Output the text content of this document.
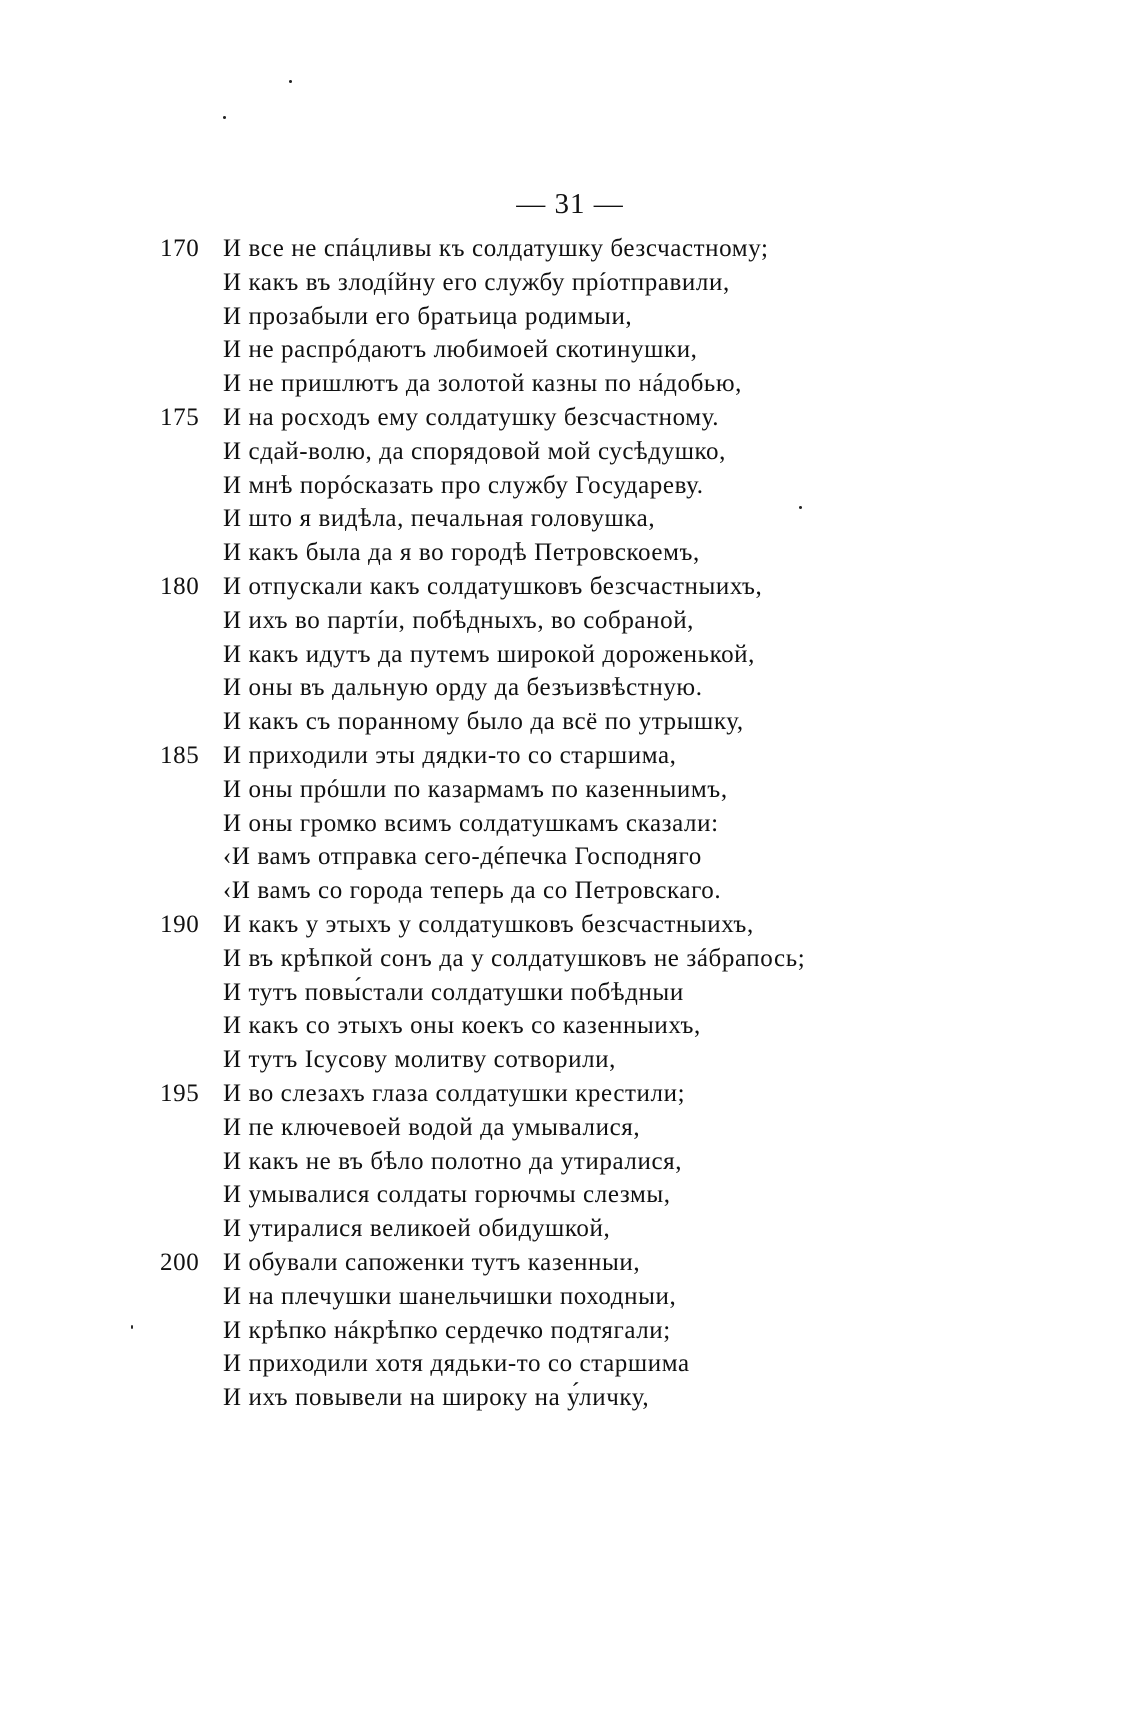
— 31 —
170 И все не спáцливы къ солдатушку безсчастному;
И какъ въ злодíйну его службу прíотправили,
И прозабыли его братьица родимыи,
И не распрóдаютъ любимоей скотинушки,
И не пришлютъ да золотой казны по нáдобью,
175 И на росходъ ему солдатушку безсчастному.
И сдай-волю, да спорядовой мой сусѣдушко,
И мнѣ порóсказать про службу Государеву.
И што я видѣла, печальная головушка,
И какъ была да я во городѣ Петровскоемъ,
180 И отпускали какъ солдатушковъ безсчастныихъ,
И ихъ во партíи, побѣдныхъ, во собраной,
И какъ идутъ да путемъ широкой дороженькой,
И оны въ дальную орду да безъизвѣстную.
И какъ съ поранному было да всё по утрышку,
185 И приходили эты дядки-то со старшима,
И оны прóшли по казармамъ по казенныимъ,
И оны громко всимъ солдатушкамъ сказали:
‹И вамъ отправка сего-дéпечка Господняго
‹И вамъ со города теперь да со Петровскаго.
190 И какъ у этыхъ у солдатушковъ безсчастныихъ,
И въ крѣпкой сонъ да у солдатушковъ не зáбрапось;
И тутъ повы́стали солдатушки побѣдныи
И какъ со этыхъ оны коекъ со казенныихъ,
И тутъ Iсусову молитву сотворили,
195 И во слезахъ глаза солдатушки крестили;
И пе ключевоей водой да умывалися,
И какъ не въ бѣло полотно да утиралися,
И умывалися солдаты горючмы слезмы,
И утиралися великоей обидушкой,
200 И обували сапоженки тутъ казенныи,
И на плечушки шанельчишки походныи,
И крѣпко нáкрѣпко сердечко подтягали;
И приходили хотя дядьки-то со старшима
И ихъ повывели на широку на у́личку,
